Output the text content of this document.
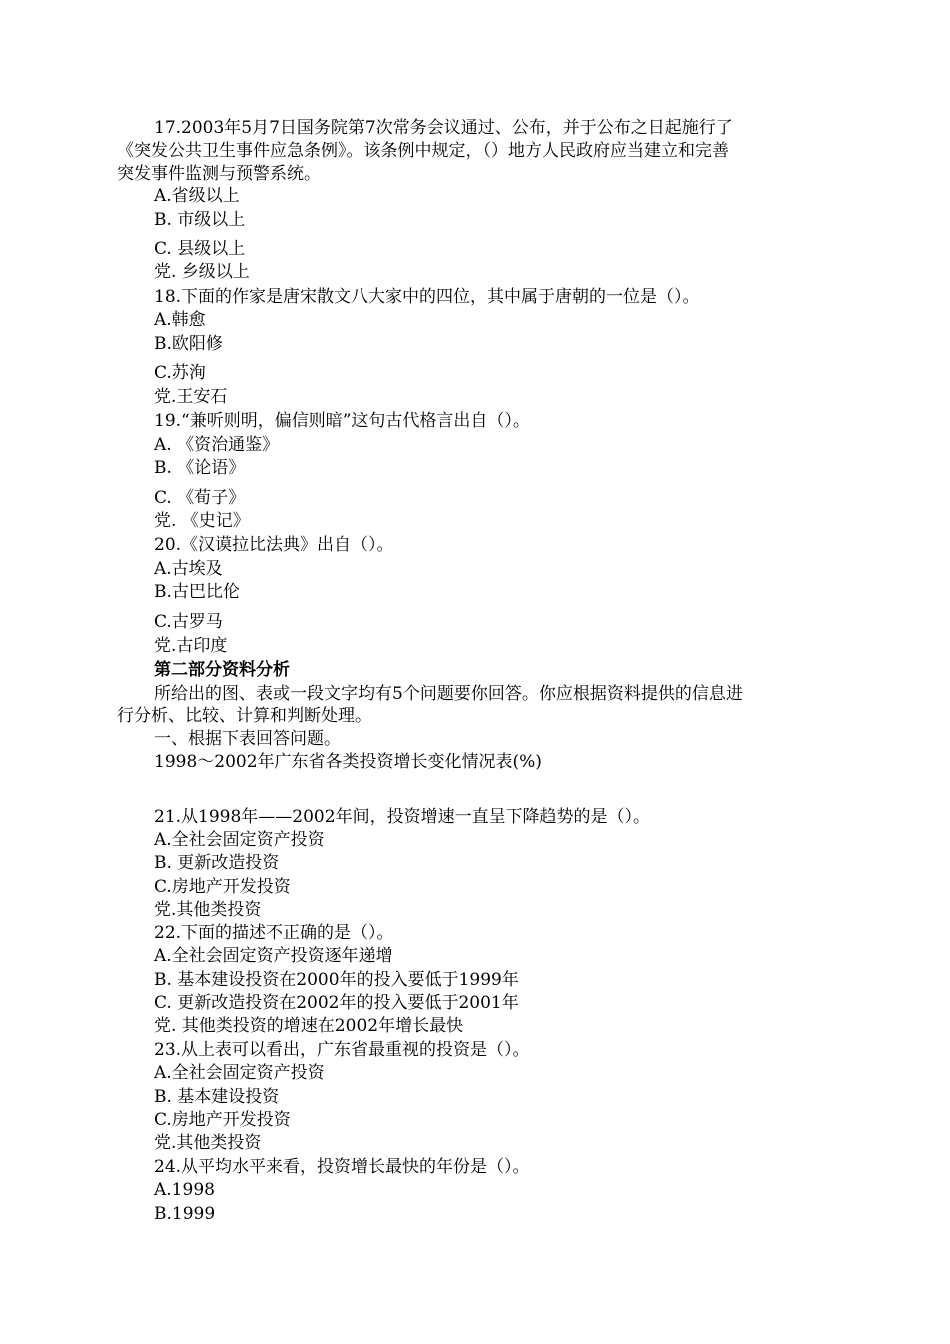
17.2003年5月7日国务院第7次常务会议通过、公布，并于公布之日起施行了
《突发公共卫生事件应急条例》。该条例中规定，（）地方人民政府应当建立和完善
突发事件监测与预警系统。
A.省级以上
B. 市级以上
C. 县级以上
党. 乡级以上
18.下面的作家是唐宋散文八大家中的四位，其中属于唐朝的一位是（）。
A.韩愈
B.欧阳修
C.苏洵
党.王安石
19.“兼听则明，偏信则暗”这句古代格言出自（）。
A. 《资治通鉴》
B. 《论语》
C. 《荀子》
党. 《史记》
20.《汉谟拉比法典》出自（）。
A.古埃及
B.古巴比伦
C.古罗马
党.古印度
第二部分资料分析
所给出的图、表或一段文字均有5个问题要你回答。你应根据资料提供的信息进
行分析、比较、计算和判断处理。
一、根据下表回答问题。
1998～2002年广东省各类投资增长变化情况表(%)
21.从1998年——2002年间，投资增速一直呈下降趋势的是（）。
A.全社会固定资产投资
B. 更新改造投资
C.房地产开发投资
党.其他类投资
22.下面的描述不正确的是（）。
A.全社会固定资产投资逐年递增
B. 基本建设投资在2000年的投入要低于1999年
C. 更新改造投资在2002年的投入要低于2001年
党. 其他类投资的增速在2002年增长最快
23.从上表可以看出，广东省最重视的投资是（）。
A.全社会固定资产投资
B. 基本建设投资
C.房地产开发投资
党.其他类投资
24.从平均水平来看，投资增长最快的年份是（）。
A.1998
B.1999
